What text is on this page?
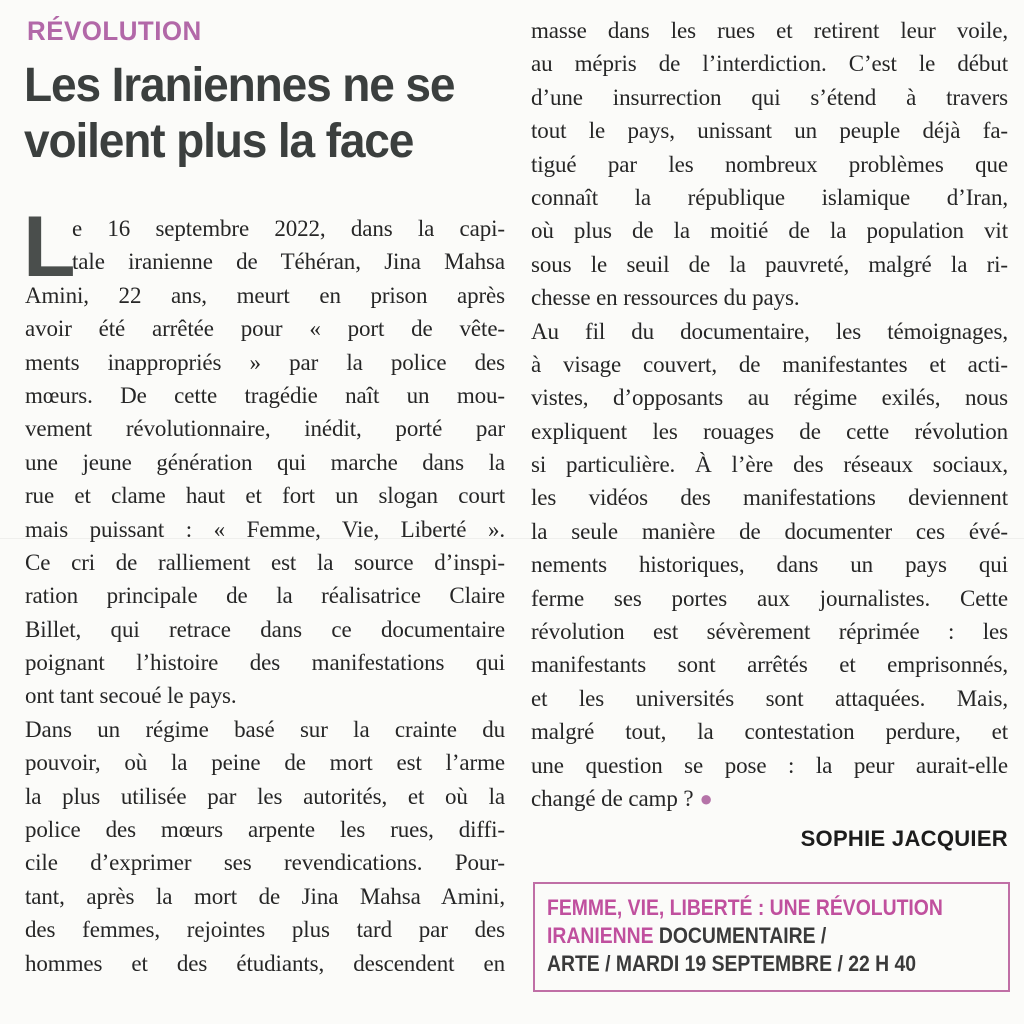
RÉVOLUTION
Les Iraniennes ne se
voilent plus la face
L
e 16 septembre 2022, dans la capi-
tale iranienne de Téhéran, Jina Mahsa
Amini, 22 ans, meurt en prison après
avoir été arrêtée pour « port de vête-
ments inappropriés » par la police des
mœurs. De cette tragédie naît un mou-
vement révolutionnaire, inédit, porté par
une jeune génération qui marche dans la
rue et clame haut et fort un slogan court
mais puissant : « Femme, Vie, Liberté ».
Ce cri de ralliement est la source d’inspi-
ration principale de la réalisatrice Claire
Billet, qui retrace dans ce documentaire
poignant l’histoire des manifestations qui
ont tant secoué le pays.
Dans un régime basé sur la crainte du
pouvoir, où la peine de mort est l’arme
la plus utilisée par les autorités, et où la
police des mœurs arpente les rues, diffi-
cile d’exprimer ses revendications. Pour-
tant, après la mort de Jina Mahsa Amini,
des femmes, rejointes plus tard par des
hommes et des étudiants, descendent en
masse dans les rues et retirent leur voile,
au mépris de l’interdiction. C’est le début
d’une insurrection qui s’étend à travers
tout le pays, unissant un peuple déjà fa-
tigué par les nombreux problèmes que
connaît la république islamique d’Iran,
où plus de la moitié de la population vit
sous le seuil de la pauvreté, malgré la ri-
chesse en ressources du pays.
Au fil du documentaire, les témoignages,
à visage couvert, de manifestantes et acti-
vistes, d’opposants au régime exilés, nous
expliquent les rouages de cette révolution
si particulière. À l’ère des réseaux sociaux,
les vidéos des manifestations deviennent
la seule manière de documenter ces évé-
nements historiques, dans un pays qui
ferme ses portes aux journalistes. Cette
révolution est sévèrement réprimée : les
manifestants sont arrêtés et emprisonnés,
et les universités sont attaquées. Mais,
malgré tout, la contestation perdure, et
une question se pose : la peur aurait-elle
changé de camp ? ●
SOPHIE JACQUIER
FEMME, VIE, LIBERTÉ : UNE RÉVOLUTION
IRANIENNE DOCUMENTAIRE /
ARTE / MARDI 19 SEPTEMBRE / 22 H 40
